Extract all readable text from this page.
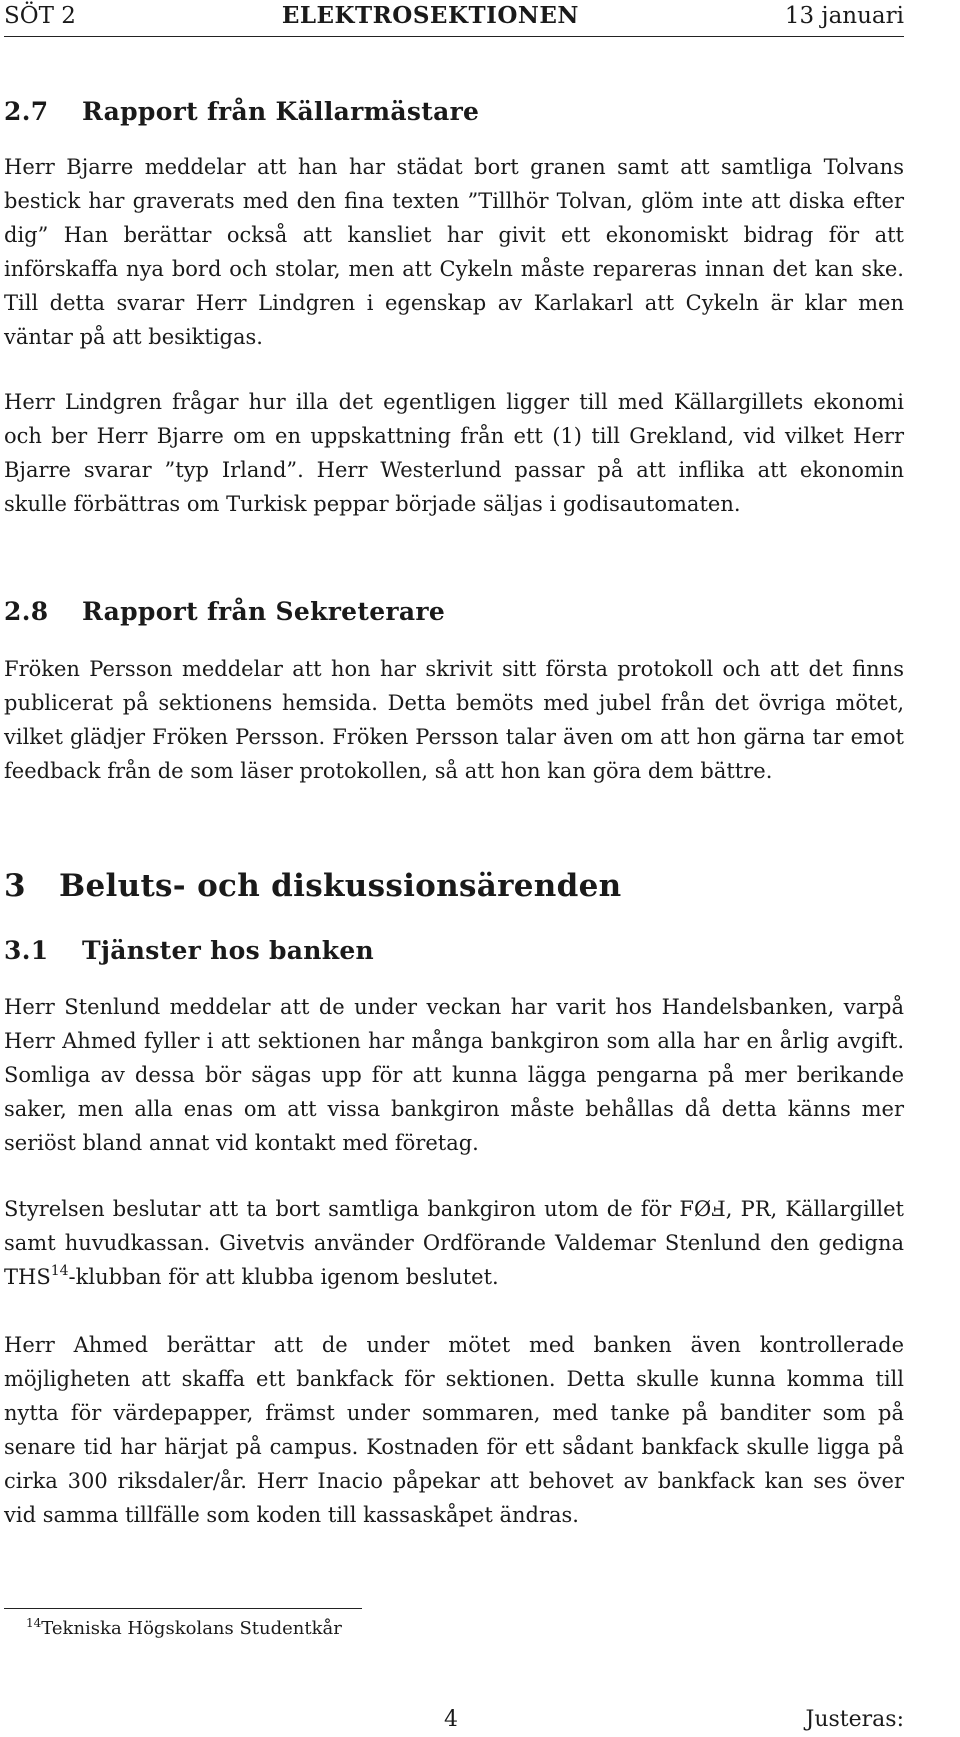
SÖT 2	ELEKTROSEKTIONEN	13 januari
2.7 Rapport från Källarmästare

Herr Bjarre meddelar att han har städat bort granen samt att samtliga Tolvans bestick har graverats med den fina texten ”Tillhör Tolvan, glöm inte att diska efter dig” Han berättar också att kansliet har givit ett ekonomiskt bidrag för att införskaffa nya bord och stolar, men att Cykeln måste repareras innan det kan ske. Till detta svarar Herr Lindgren i egenskap av Karlakarl att Cykeln är klar men väntar på att besiktigas.

Herr Lindgren frågar hur illa det egentligen ligger till med Källargillets ekonomi och ber Herr Bjarre om en uppskattning från ett (1) till Grekland, vid vilket Herr Bjarre svarar ”typ Irland”. Herr Westerlund passar på att inflika att ekonomin skulle förbättras om Turkisk peppar började säljas i godisautomaten.

2.8 Rapport från Sekreterare

Fröken Persson meddelar att hon har skrivit sitt första protokoll och att det finns publicerat på sektionens hemsida. Detta bemöts med jubel från det övriga mötet, vilket glädjer Fröken Persson. Fröken Persson talar även om att hon gärna tar emot feedback från de som läser protokollen, så att hon kan göra dem bättre.

3 Beluts- och diskussionsärenden
3.1 Tjänster hos banken

Herr Stenlund meddelar att de under veckan har varit hos Handelsbanken, varpå Herr Ahmed fyller i att sektionen har många bankgiron som alla har en årlig avgift. Somliga av dessa bör sägas upp för att kunna lägga pengarna på mer berikande saker, men alla enas om att vissa bankgiron måste behållas då detta känns mer seriöst bland annat vid kontakt med företag.

Styrelsen beslutar att ta bort samtliga bankgiron utom de för FØℲ, PR, Källargillet samt huvudkassan. Givetvis använder Ordförande Valdemar Stenlund den gedigna THS$^{14}$-klubban för att klubba igenom beslutet.

Herr Ahmed berättar att de under mötet med banken även kontrollerade möjligheten att skaffa ett bankfack för sektionen. Detta skulle kunna komma till nytta för värdepapper, främst under sommaren, med tanke på banditer som på senare tid har härjat på campus. Kostnaden för ett sådant bankfack skulle ligga på cirka 300 riksdaler/år. Herr Inacio påpekar att behovet av bankfack kan ses över vid samma tillfälle som koden till kassaskåpet ändras.

$^{14}$Tekniska Högskolans Studentkår
4	Justeras:
